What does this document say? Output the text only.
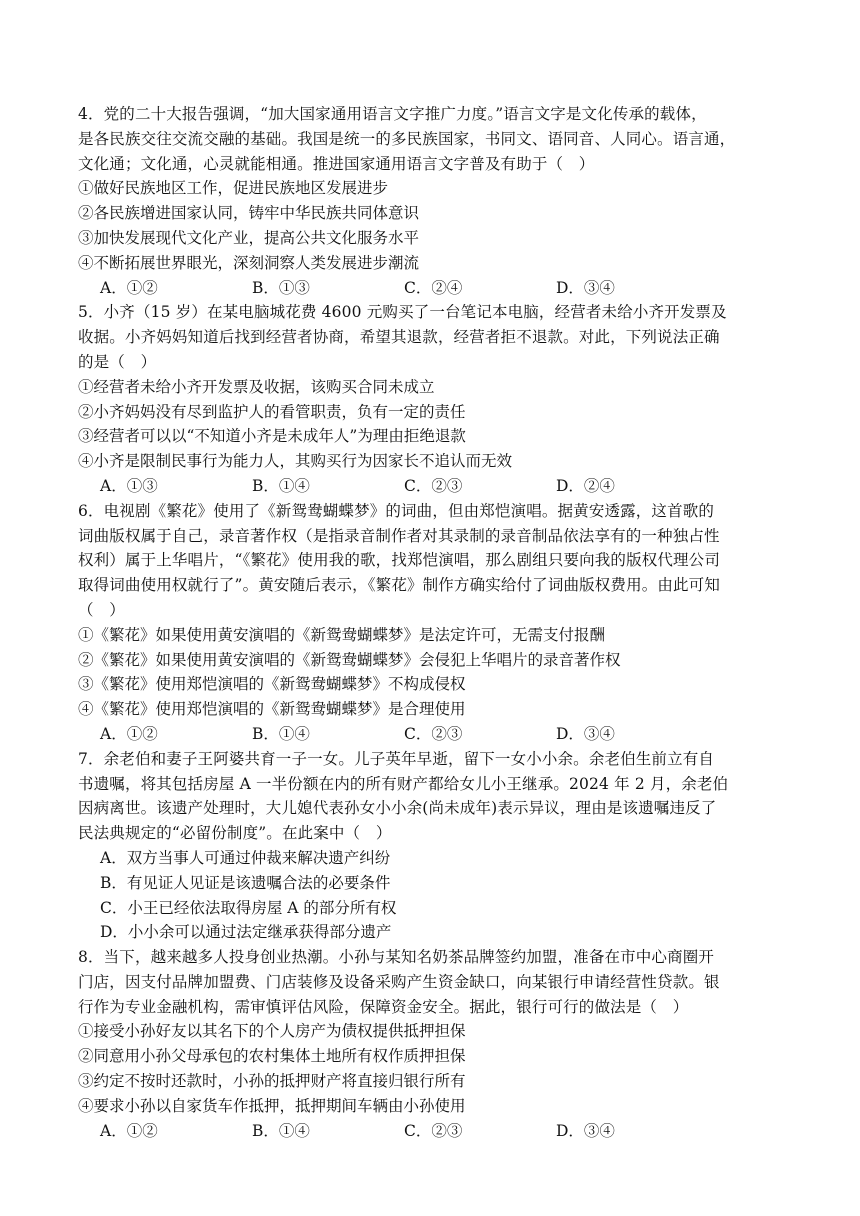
4．党的二十大报告强调，“加大国家通用语言文字推广力度。”语言文字是文化传承的载体，
是各民族交往交流交融的基础。我国是统一的多民族国家，书同文、语同音、人同心。语言通，
文化通；文化通，心灵就能相通。推进国家通用语言文字普及有助于（　）
①做好民族地区工作，促进民族地区发展进步
②各民族增进国家认同，铸牢中华民族共同体意识
③加快发展现代文化产业，提高公共文化服务水平
④不断拓展世界眼光，深刻洞察人类发展进步潮流
A．①②	B．①③	C．②④	D．③④
5．小齐（15 岁）在某电脑城花费 4600 元购买了一台笔记本电脑，经营者未给小齐开发票及
收据。小齐妈妈知道后找到经营者协商，希望其退款，经营者拒不退款。对此，下列说法正确
的是（　）
①经营者未给小齐开发票及收据，该购买合同未成立
②小齐妈妈没有尽到监护人的看管职责，负有一定的责任
③经营者可以以“不知道小齐是未成年人”为理由拒绝退款
④小齐是限制民事行为能力人，其购买行为因家长不追认而无效
A．①③	B．①④	C．②③	D．②④
6．电视剧《繁花》使用了《新鸳鸯蝴蝶梦》的词曲，但由郑恺演唱。据黄安透露，这首歌的
词曲版权属于自己，录音著作权（是指录音制作者对其录制的录音制品依法享有的一种独占性
权利）属于上华唱片，“《繁花》使用我的歌，找郑恺演唱，那么剧组只要向我的版权代理公司
取得词曲使用权就行了”。黄安随后表示，《繁花》制作方确实给付了词曲版权费用。由此可知
（　）
①《繁花》如果使用黄安演唱的《新鸳鸯蝴蝶梦》是法定许可，无需支付报酬
②《繁花》如果使用黄安演唱的《新鸳鸯蝴蝶梦》会侵犯上华唱片的录音著作权
③《繁花》使用郑恺演唱的《新鸳鸯蝴蝶梦》不构成侵权
④《繁花》使用郑恺演唱的《新鸳鸯蝴蝶梦》是合理使用
A．①②	B．①④	C．②③	D．③④
7．余老伯和妻子王阿婆共育一子一女。儿子英年早逝，留下一女小小余。余老伯生前立有自
书遗嘱，将其包括房屋 A 一半份额在内的所有财产都给女儿小王继承。2024 年 2 月，余老伯
因病离世。该遗产处理时，大儿媳代表孙女小小余(尚未成年)表示异议，理由是该遗嘱违反了
民法典规定的“必留份制度”。在此案中（　）
A．双方当事人可通过仲裁来解决遗产纠纷
B．有见证人见证是该遗嘱合法的必要条件
C．小王已经依法取得房屋 A 的部分所有权
D．小小余可以通过法定继承获得部分遗产
8．当下，越来越多人投身创业热潮。小孙与某知名奶茶品牌签约加盟，准备在市中心商圈开
门店，因支付品牌加盟费、门店装修及设备采购产生资金缺口，向某银行申请经营性贷款。银
行作为专业金融机构，需审慎评估风险，保障资金安全。据此，银行可行的做法是（　）
①接受小孙好友以其名下的个人房产为债权提供抵押担保
②同意用小孙父母承包的农村集体土地所有权作质押担保
③约定不按时还款时，小孙的抵押财产将直接归银行所有
④要求小孙以自家货车作抵押，抵押期间车辆由小孙使用
A．①②	B．①④	C．②③	D．③④
